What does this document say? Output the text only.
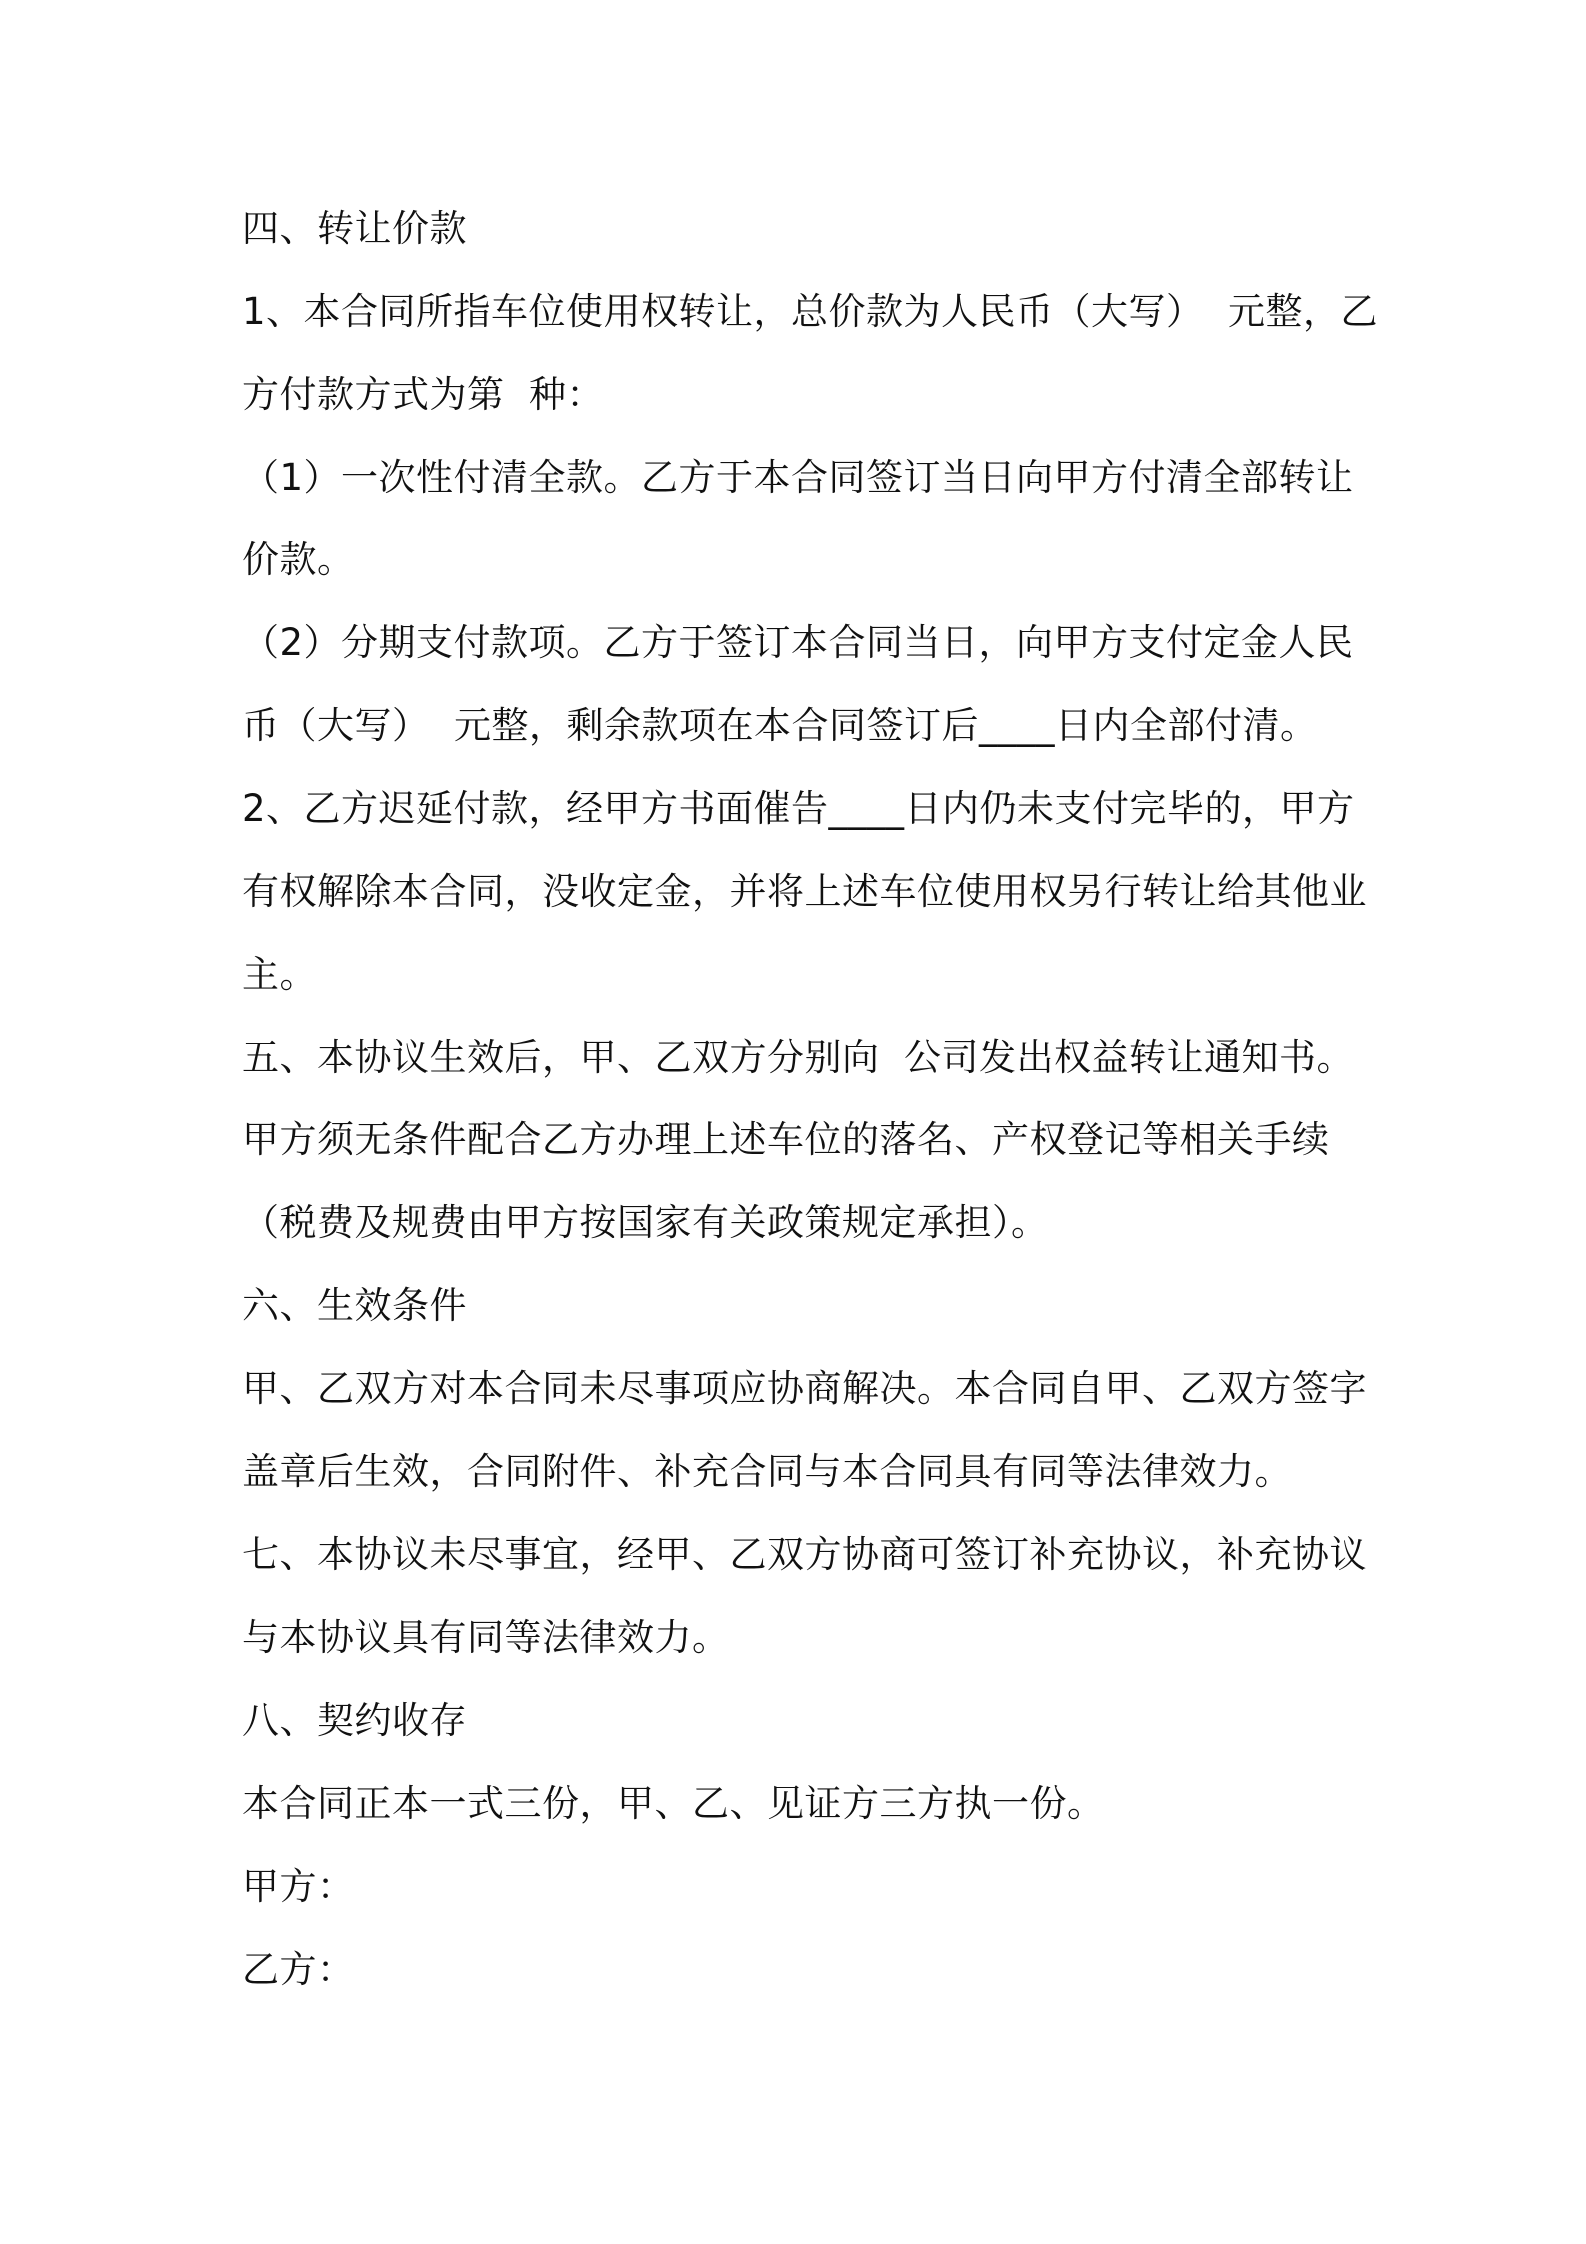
四、转让价款
1、本合同所指车位使用权转让，总价款为人民币（大写）  元整，乙
方付款方式为第  种：
（1）一次性付清全款。乙方于本合同签订当日向甲方付清全部转让
价款。
（2）分期支付款项。乙方于签订本合同当日，向甲方支付定金人民
币（大写）  元整，剩余款项在本合同签订后____日内全部付清。
2、乙方迟延付款，经甲方书面催告____日内仍未支付完毕的，甲方
有权解除本合同，没收定金，并将上述车位使用权另行转让给其他业
主。
五、本协议生效后，甲、乙双方分别向  公司发出权益转让通知书。
甲方须无条件配合乙方办理上述车位的落名、产权登记等相关手续
（税费及规费由甲方按国家有关政策规定承担）。
六、生效条件
甲、乙双方对本合同未尽事项应协商解决。本合同自甲、乙双方签字
盖章后生效，合同附件、补充合同与本合同具有同等法律效力。
七、本协议未尽事宜，经甲、乙双方协商可签订补充协议，补充协议
与本协议具有同等法律效力。
八、契约收存
本合同正本一式三份，甲、乙、见证方三方执一份。
甲方：
乙方：
